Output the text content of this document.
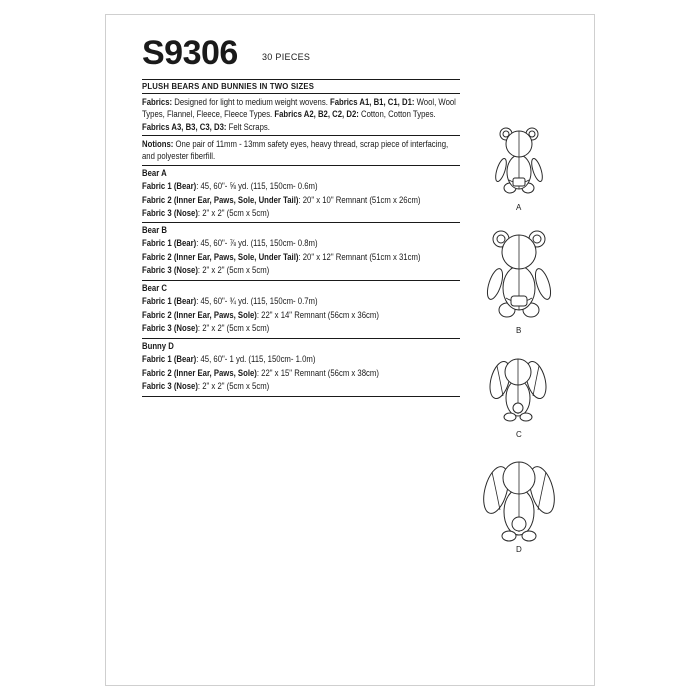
S9306	30 PIECES
PLUSH BEARS AND BUNNIES IN TWO SIZES
Fabrics: Designed for light to medium weight wovens. Fabrics A1, B1, C1, D1: Wool, Wool Types, Flannel, Fleece, Fleece Types. Fabrics A2, B2, C2, D2: Cotton, Cotton Types. Fabrics A3, B3, C3, D3: Felt Scraps.
Notions: One pair of 11mm - 13mm safety eyes, heavy thread, scrap piece of interfacing, and polyester fiberfill.
Bear A
Fabric 1 (Bear): 45, 60"- ⅝ yd. (115, 150cm- 0.6m)
Fabric 2 (Inner Ear, Paws, Sole, Under Tail): 20" x 10" Remnant (51cm x 26cm)
Fabric 3 (Nose): 2" x 2" (5cm x 5cm)
Bear B
Fabric 1 (Bear): 45, 60"- ⅞ yd. (115, 150cm- 0.8m)
Fabric 2 (Inner Ear, Paws, Sole, Under Tail): 20" x 12" Remnant (51cm x 31cm)
Fabric 3 (Nose): 2" x 2" (5cm x 5cm)
Bear C
Fabric 1 (Bear): 45, 60"- ¾ yd. (115, 150cm- 0.7m)
Fabric 2 (Inner Ear, Paws, Sole): 22" x 14" Remnant (56cm x 36cm)
Fabric 3 (Nose): 2" x 2" (5cm x 5cm)
Bunny D
Fabric 1 (Bear): 45, 60"- 1 yd. (115, 150cm- 1.0m)
Fabric 2 (Inner Ear, Paws, Sole): 22" x 15" Remnant (56cm x 38cm)
Fabric 3 (Nose): 2" x 2" (5cm x 5cm)
A
B
C
D
